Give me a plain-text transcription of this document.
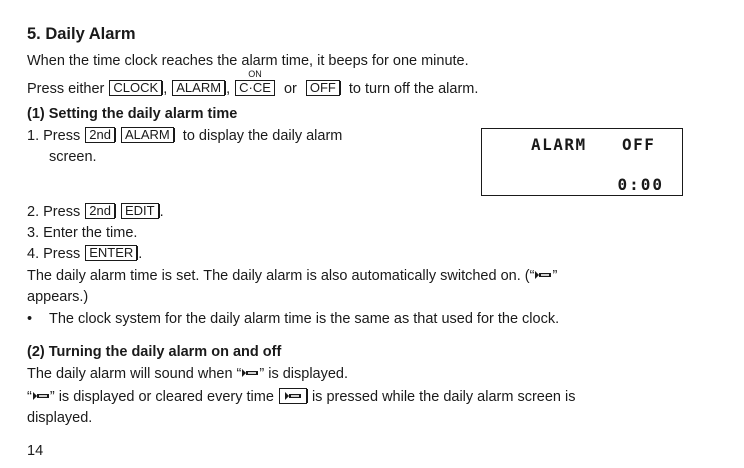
5. Daily Alarm
When the time clock reaches the alarm time, it beeps for one minute.
Press either CLOCK , ALARM ,
ON
C·CE or OFF to turn off the alarm.
(1) Setting the daily alarm time
1. Press 2nd ALARM to display the daily alarm
screen.
ALARM OFF
0:00
2. Press 2nd EDIT .
3. Enter the time.
4. Press ENTER .
The daily alarm time is set. The daily alarm is also automatically switched on. (“ ”
appears.)
• The clock system for the daily alarm time is the same as that used for the clock.
(2) Turning the daily alarm on and off
The daily alarm will sound when “ ” is displayed.
“ ” is displayed or cleared every time	is pressed while the daily alarm screen is
displayed.
14
